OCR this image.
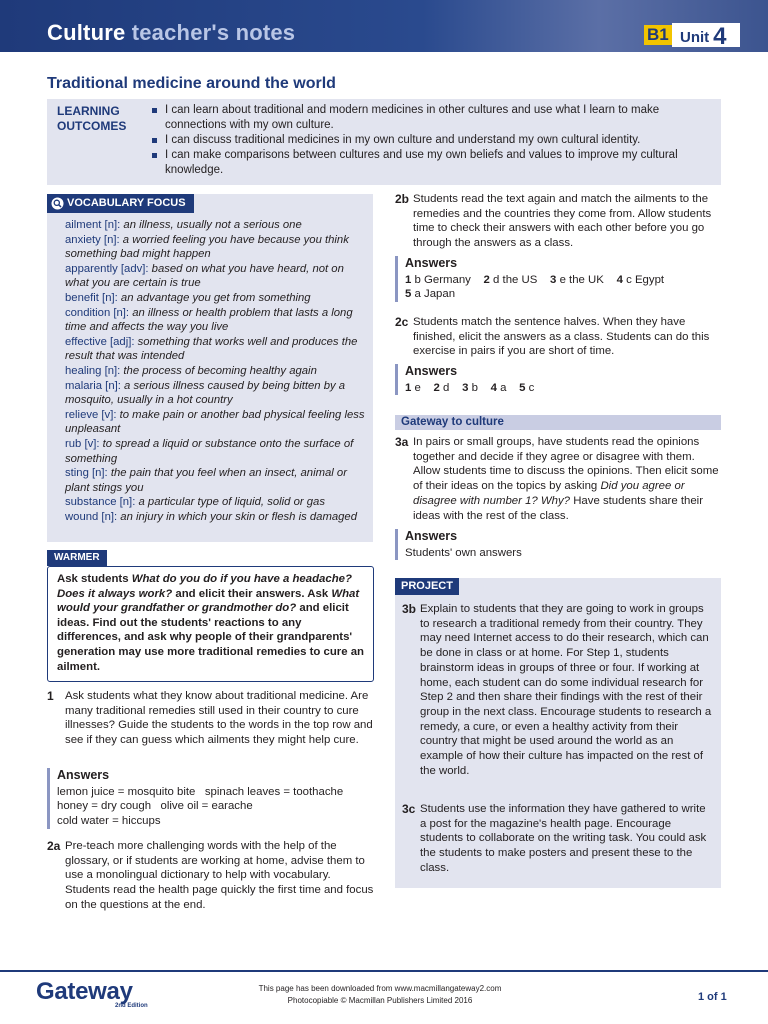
Culture teacher's notes	B1 Unit 4
Traditional medicine around the world
LEARNING
OUTCOMES
I can learn about traditional and modern medicines in other cultures and use what I learn to make connections with my own culture.
I can discuss traditional medicines in my own culture and understand my own cultural identity.
I can make comparisons between cultures and use my own beliefs and values to improve my cultural knowledge.
VOCABULARY FOCUS

ailment [n]: an illness, usually not a serious one

anxiety [n]: a worried feeling you have because you think something bad might happen

apparently [adv]: based on what you have heard, not on what you are certain is true

benefit [n]: an advantage you get from something

condition [n]: an illness or health problem that lasts a long time and affects the way you live

effective [adj]: something that works well and produces the result that was intended

healing [n]: the process of becoming healthy again

malaria [n]: a serious illness caused by being bitten by a mosquito, usually in a hot country

relieve [v]: to make pain or another bad physical feeling less unpleasant

rub [v]: to spread a liquid or substance onto the surface of something

sting [n]: the pain that you feel when an insect, animal or plant stings you

substance [n]: a particular type of liquid, solid or gas

wound [n]: an injury in which your skin or flesh is damaged

WARMER
Ask students What do you do if you have a headache? Does it always work? and elicit their answers. Ask What would your grandfather or grandmother do? and elicit ideas. Find out the students' reactions to any differences, and ask why people of their grandparents' generation may use more traditional remedies to cure an ailment.
1 Ask students what they know about traditional medicine. Are many traditional remedies still used in their country to cure illnesses? Guide the students to the words in the top row and see if they can guess which ailments they might help cure.
Answers
lemon juice = mosquito bite   spinach leaves = toothache
honey = dry cough   olive oil = earache
cold water = hiccups
2a Pre-teach more challenging words with the help of the glossary, or if students are working at home, advise them to use a monolingual dictionary to help with vocabulary. Students read the health page quickly the first time and focus on the questions at the end.
2b Students read the text again and match the ailments to the remedies and the countries they come from. Allow students time to check their answers with each other before you go through the answers as a class.
Answers
1 b Germany 2 d the US 3 e the UK 4 c Egypt
5 a Japan
2c Students match the sentence halves. When they have finished, elicit the answers as a class. Students can do this exercise in pairs if you are short of time.
Answers
1 e 2 d 3 b 4 a 5 c
Gateway to culture
3a In pairs or small groups, have students read the opinions together and decide if they agree or disagree with them. Allow students time to discuss the opinions. Then elicit some of their ideas on the topics by asking Did you agree or disagree with number 1? Why? Have students share their ideas with the rest of the class.
Answers
Students' own answers
PROJECT
3b Explain to students that they are going to work in groups to research a traditional remedy from their country. They may need Internet access to do their research, which can be done in class or at home. For Step 1, students brainstorm ideas in groups of three or four. If working at home, each student can do some individual research for Step 2 and then share their findings with the rest of their group in the next class. Encourage students to research a remedy, a cure, or even a healthy activity from their country that might be used around the world as an example of how their culture has impacted on the rest of the world.
3c Students use the information they have gathered to write a post for the magazine's health page. Encourage students to collaborate on the writing task. You could ask the students to make posters and present these to the class.
Gateway
2nd Edition
This page has been downloaded from www.macmillangateway2.com
Photocopiable © Macmillan Publishers Limited 2016	1 of 1
